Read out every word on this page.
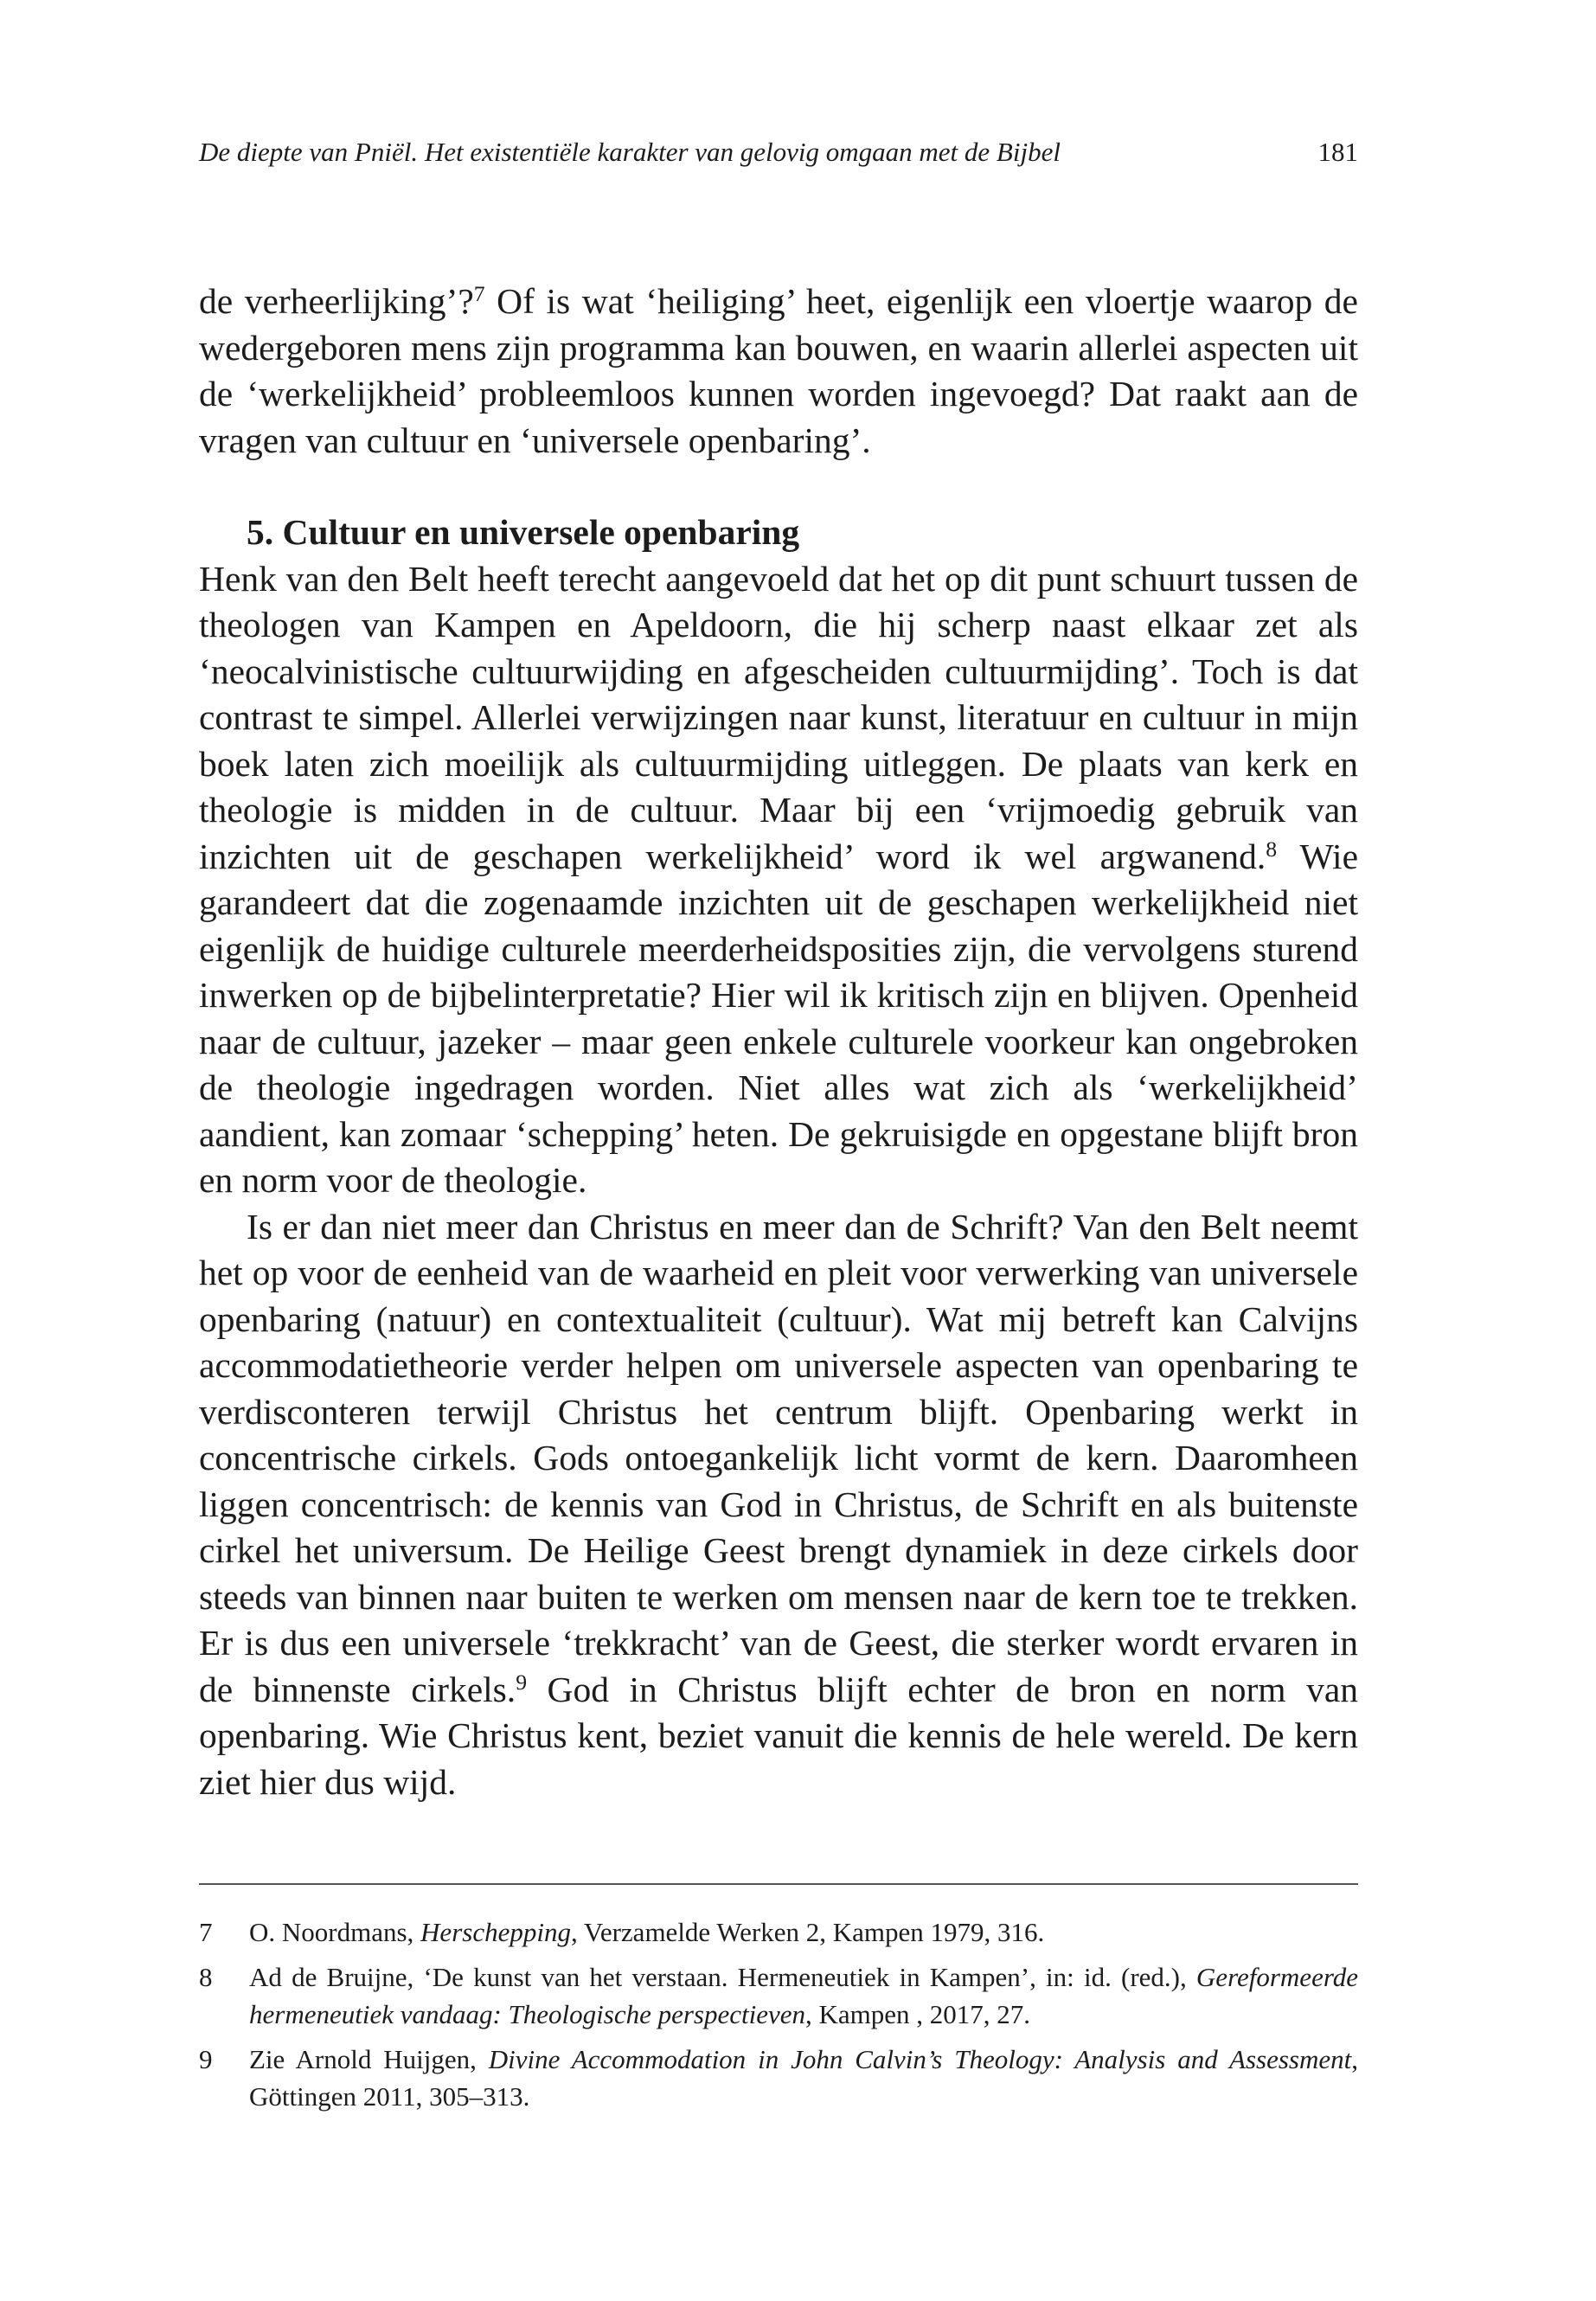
De diepte van Pniël. Het existentiële karakter van gelovig omgaan met de Bijbel	181

de verheerlijking’?$^7$ Of is wat ‘heiliging’ heet, eigenlijk een vloertje waarop de wedergeboren mens zijn programma kan bouwen, en waarin allerlei aspecten uit de ‘werkelijkheid’ probleemloos kunnen worden ingevoegd? Dat raakt aan de vragen van cultuur en ‘universele openbaring’.

5. Cultuur en universele openbaring

Henk van den Belt heeft terecht aangevoeld dat het op dit punt schuurt tussen de theologen van Kampen en Apeldoorn, die hij scherp naast elkaar zet als ‘neocalvinistische cultuurwijding en afgescheiden cultuurmijding’. Toch is dat contrast te simpel. Allerlei verwijzingen naar kunst, literatuur en cultuur in mijn boek laten zich moeilijk als cultuurmijding uitleggen. De plaats van kerk en theologie is midden in de cultuur. Maar bij een ‘vrijmoedig gebruik van inzichten uit de geschapen werkelijkheid’ word ik wel argwanend.$^8$ Wie garandeert dat die zogenaamde inzichten uit de geschapen werkelijkheid niet eigenlijk de huidige culturele meerderheidsposities zijn, die vervolgens sturend inwerken op de bijbelinterpretatie? Hier wil ik kritisch zijn en blijven. Openheid naar de cultuur, jazeker – maar geen enkele culturele voorkeur kan ongebroken de theologie ingedragen worden. Niet alles wat zich als ‘werkelijkheid’ aandient, kan zomaar ‘schepping’ heten. De gekruisigde en opgestane blijft bron en norm voor de theologie.

Is er dan niet meer dan Christus en meer dan de Schrift? Van den Belt neemt het op voor de eenheid van de waarheid en pleit voor verwerking van universele openbaring (natuur) en contextualiteit (cultuur). Wat mij betreft kan Calvijns accommodatietheorie verder helpen om universele aspecten van openbaring te verdisconteren terwijl Christus het centrum blijft. Openbaring werkt in concentrische cirkels. Gods ontoegankelijk licht vormt de kern. Daaromheen liggen concentrisch: de kennis van God in Christus, de Schrift en als buitenste cirkel het universum. De Heilige Geest brengt dynamiek in deze cirkels door steeds van binnen naar buiten te werken om mensen naar de kern toe te trekken. Er is dus een universele ‘trekkracht’ van de Geest, die sterker wordt ervaren in de binnenste cirkels.$^9$ God in Christus blijft echter de bron en norm van openbaring. Wie Christus kent, beziet vanuit die kennis de hele wereld. De kern ziet hier dus wijd.

7 O. Noordmans, Herschepping, Verzamelde Werken 2, Kampen 1979, 316.
8 Ad de Bruijne, ‘De kunst van het verstaan. Hermeneutiek in Kampen’, in: id. (red.), Gereformeerde hermeneutiek vandaag: Theologische perspectieven, Kampen , 2017, 27.
9 Zie Arnold Huijgen, Divine Accommodation in John Calvin’s Theology: Analysis and Assessment, Göttingen 2011, 305–313.
